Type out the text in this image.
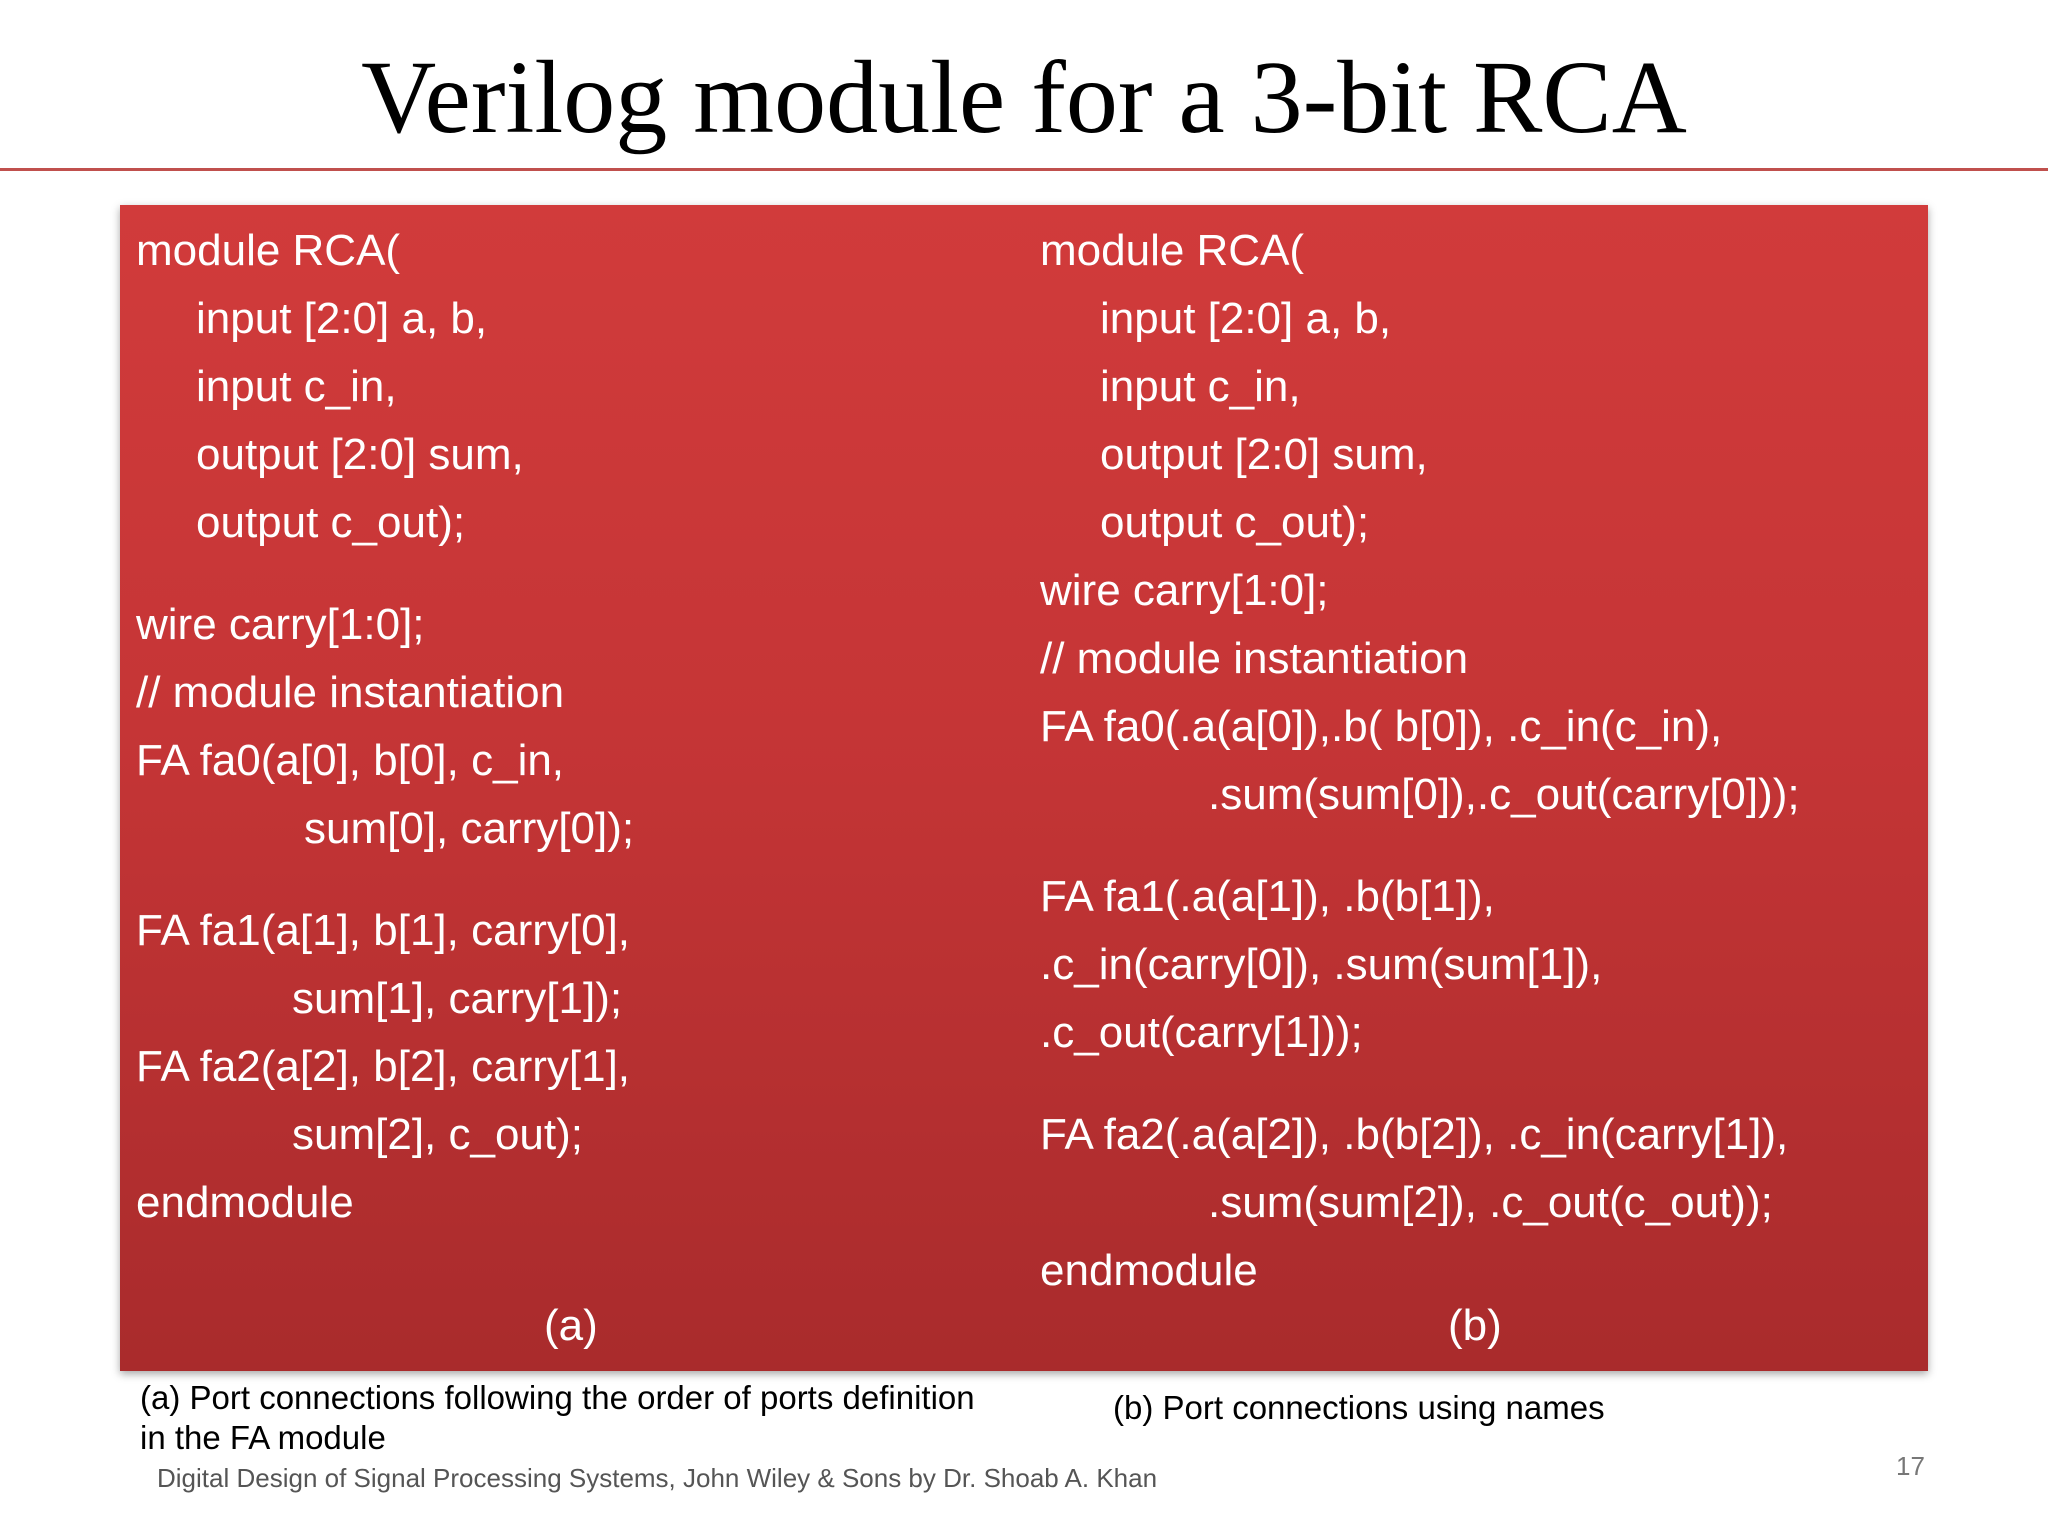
Verilog module for a 3-bit RCA

module RCA(

input [2:0] a, b,

input c_in,

output [2:0] sum,

output c_out);

wire carry[1:0];

// module instantiation

FA fa0(a[0], b[0], c_in,

sum[0], carry[0]);

FA fa1(a[1], b[1], carry[0],

sum[1], carry[1]);

FA fa2(a[2], b[2], carry[1],

sum[2], c_out);

endmodule

(a)

module RCA(

input [2:0] a, b,

input c_in,

output [2:0] sum,

output c_out);

wire carry[1:0];

// module instantiation

FA fa0(.a(a[0]),.b( b[0]), .c_in(c_in),

.sum(sum[0]),.c_out(carry[0]));

FA fa1(.a(a[1]), .b(b[1]),

.c_in(carry[0]), .sum(sum[1]),

.c_out(carry[1]));

FA fa2(.a(a[2]), .b(b[2]), .c_in(carry[1]),

.sum(sum[2]), .c_out(c_out));

endmodule

(b)
(a) Port connections following the order of ports definition
in the FA module
(b) Port connections using names
Digital Design of Signal Processing Systems, John Wiley & Sons by Dr. Shoab A. Khan	17
